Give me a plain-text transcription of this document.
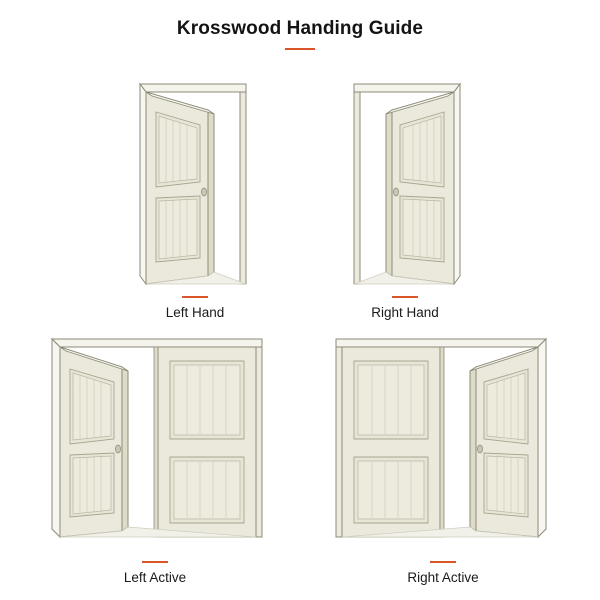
Krosswood Handing Guide
Left Hand	Right Hand
Left Active	Right Active
